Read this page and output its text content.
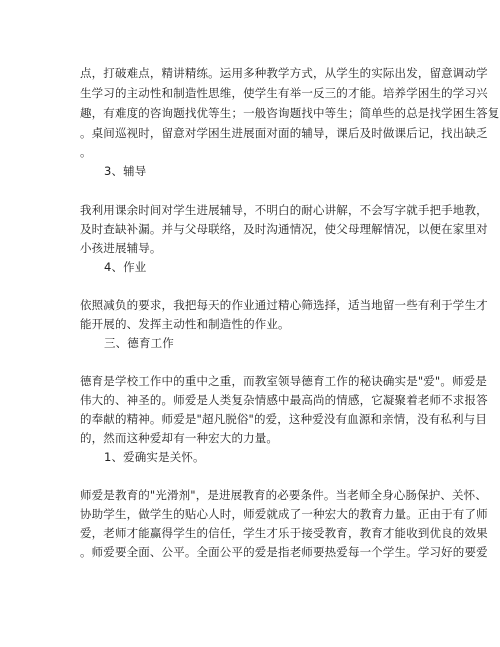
点，打破难点，精讲精练。运用多种教学方式，从学生的实际出发，留意调动学
生学习的主动性和制造性思维，使学生有举一反三的才能。培养学困生的学习兴
趣，有难度的咨询题找优等生；一般咨询题找中等生；简单些的总是找学困生答复
。桌间巡视时，留意对学困生进展面对面的辅导，课后及时做课后记，找出缺乏
。
3、辅导
我利用课余时间对学生进展辅导，不明白的耐心讲解，不会写字就手把手地教，
及时查缺补漏。并与父母联络，及时沟通情况，使父母理解情况，以便在家里对
小孩进展辅导。
4、作业
依照减负的要求，我把每天的作业通过精心筛选择，适当地留一些有利于学生才
能开展的、发挥主动性和制造性的作业。
三、德育工作
德育是学校工作中的重中之重，而教室领导德育工作的秘诀确实是"爱"。师爱是
伟大的、神圣的。师爱是人类复杂情感中最高尚的情感，它凝聚着老师不求报答
的奉献的精神。师爱是"超凡脱俗"的爱，这种爱没有血源和亲情，没有私利与目
的，然而这种爱却有一种宏大的力量。
1、爱确实是关怀。
师爱是教育的"光滑剂"，是进展教育的必要条件。当老师全身心肠保护、关怀、
协助学生，做学生的贴心人时，师爱就成了一种宏大的教育力量。正由于有了师
爱，老师才能赢得学生的信任，学生才乐于接受教育，教育才能收到优良的效果
。师爱要全面、公平。全面公平的爱是指老师要热爱每一个学生。学习好的要爱
